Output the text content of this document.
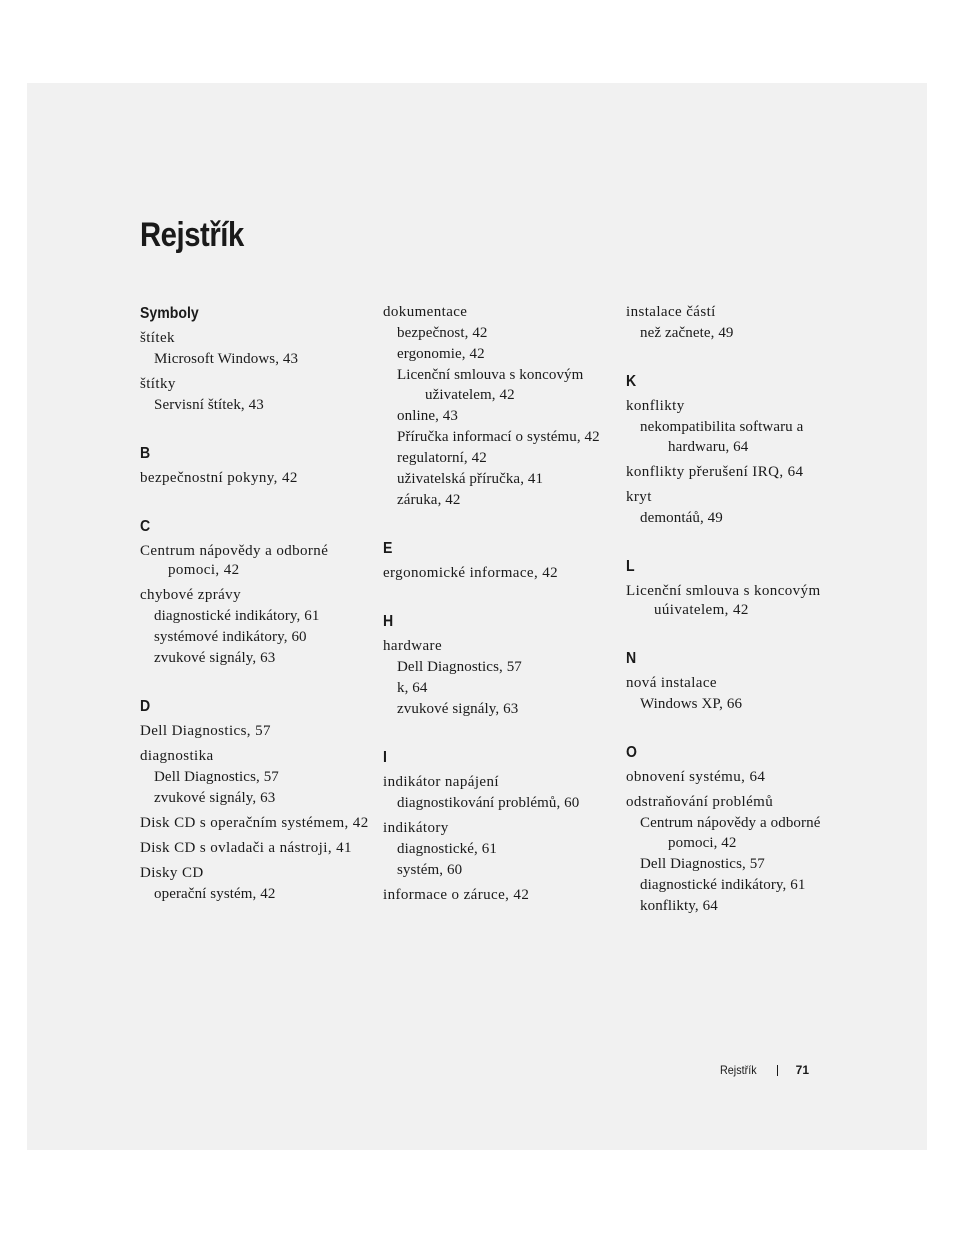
Rejstřík
Symboly
štítek
Microsoft Windows, 43
štítky
Servisní štítek, 43
B
bezpečnostní pokyny, 42
C
Centrum nápovědy a odborné pomoci, 42
chybové zprávy
diagnostické indikátory, 61
systémové indikátory, 60
zvukové signály, 63
D
Dell Diagnostics, 57
diagnostika
Dell Diagnostics, 57
zvukové signály, 63
Disk CD s operačním systémem, 42
Disk CD s ovladači a nástroji, 41
Disky CD
operační systém, 42
dokumentace
bezpečnost, 42
ergonomie, 42
Licenční smlouva s koncovým uživatelem, 42
online, 43
Příručka informací o systému, 42
regulatorní, 42
uživatelská příručka, 41
záruka, 42
E
ergonomické informace, 42
H
hardware
Dell Diagnostics, 57
k, 64
zvukové signály, 63
I
indikátor napájení
diagnostikování problémů, 60
indikátory
diagnostické, 61
systém, 60
informace o záruce, 42
instalace částí
než začnete, 49
K
konflikty
nekompatibilita softwaru a hardwaru, 64
konflikty přerušení IRQ, 64
kryt
demontáů, 49
L
Licenční smlouva s koncovým uúivatelem, 42
N
nová instalace
Windows XP, 66
O
obnovení systému, 64
odstraňování problémů
Centrum nápovědy a odborné pomoci, 42
Dell Diagnostics, 57
diagnostické indikátory, 61
konflikty, 64
Rejstřík	71
